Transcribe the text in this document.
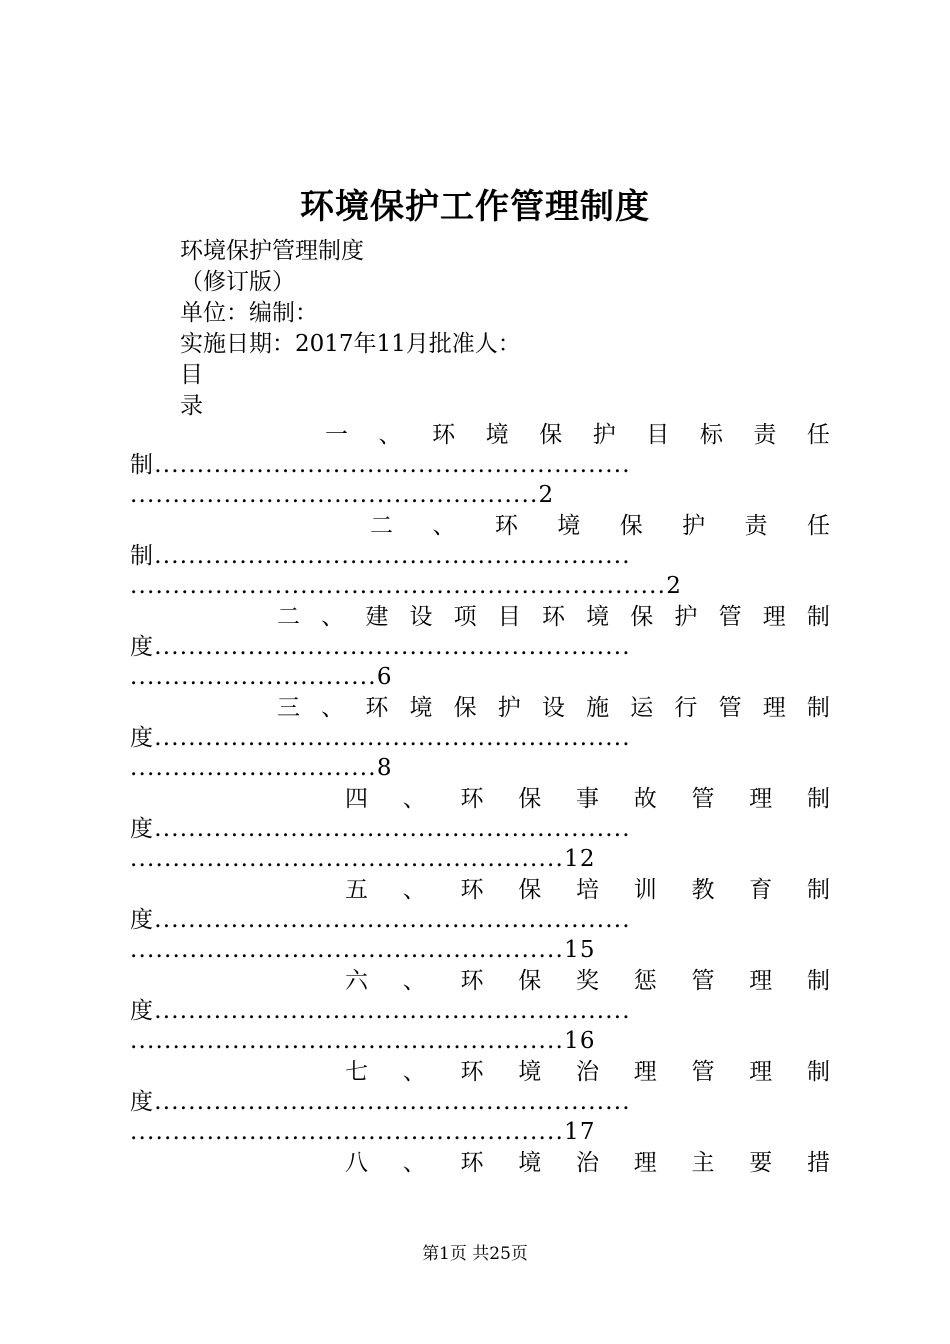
环境保护工作管理制度
环境保护管理制度
（修订版）
单位：编制：
实施日期：2017年11月批准人：
目
录
一 、 环 境 保 护 目 标 责 任
制........................................................
................................................2
二 、 环 境 保 护 责 任
制........................................................
...............................................................2
二 、 建 设 项 目 环 境 保 护 管 理 制
度........................................................
.............................6
三 、 环 境 保 护 设 施 运 行 管 理 制
度........................................................
.............................8
四 、 环 保 事 故 管 理 制
度........................................................
...................................................12
五 、 环 保 培 训 教 育 制
度........................................................
...................................................15
六 、 环 保 奖 惩 管 理 制
度........................................................
...................................................16
七 、 环 境 治 理 管 理 制
度........................................................
...................................................17
八 、 环 境 治 理 主 要 措
第1页 共25页
